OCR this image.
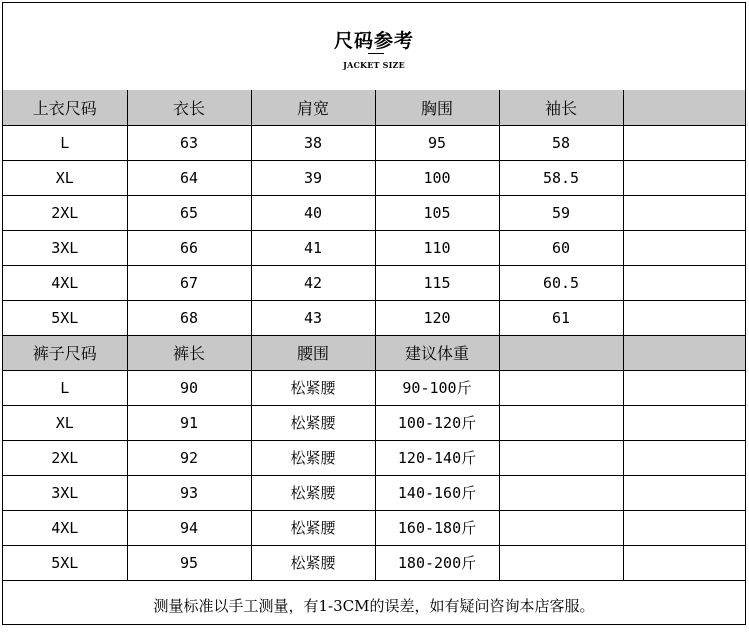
尺码参考
JACKET SIZE
上衣尺码	衣长	肩宽	胸围	袖长	
L	63	38	95	58	
XL	64	39	100	58.5	
2XL	65	40	105	59	
3XL	66	41	110	60	
4XL	67	42	115	60.5	
5XL	68	43	120	61	
裤子尺码	裤长	腰围	建议体重		
L	90	松紧腰	90-100斤		
XL	91	松紧腰	100-120斤		
2XL	92	松紧腰	120-140斤		
3XL	93	松紧腰	140-160斤		
4XL	94	松紧腰	160-180斤		
5XL	95	松紧腰	180-200斤		
测量标准以手工测量，有1-3CM的误差，如有疑问咨询本店客服。
